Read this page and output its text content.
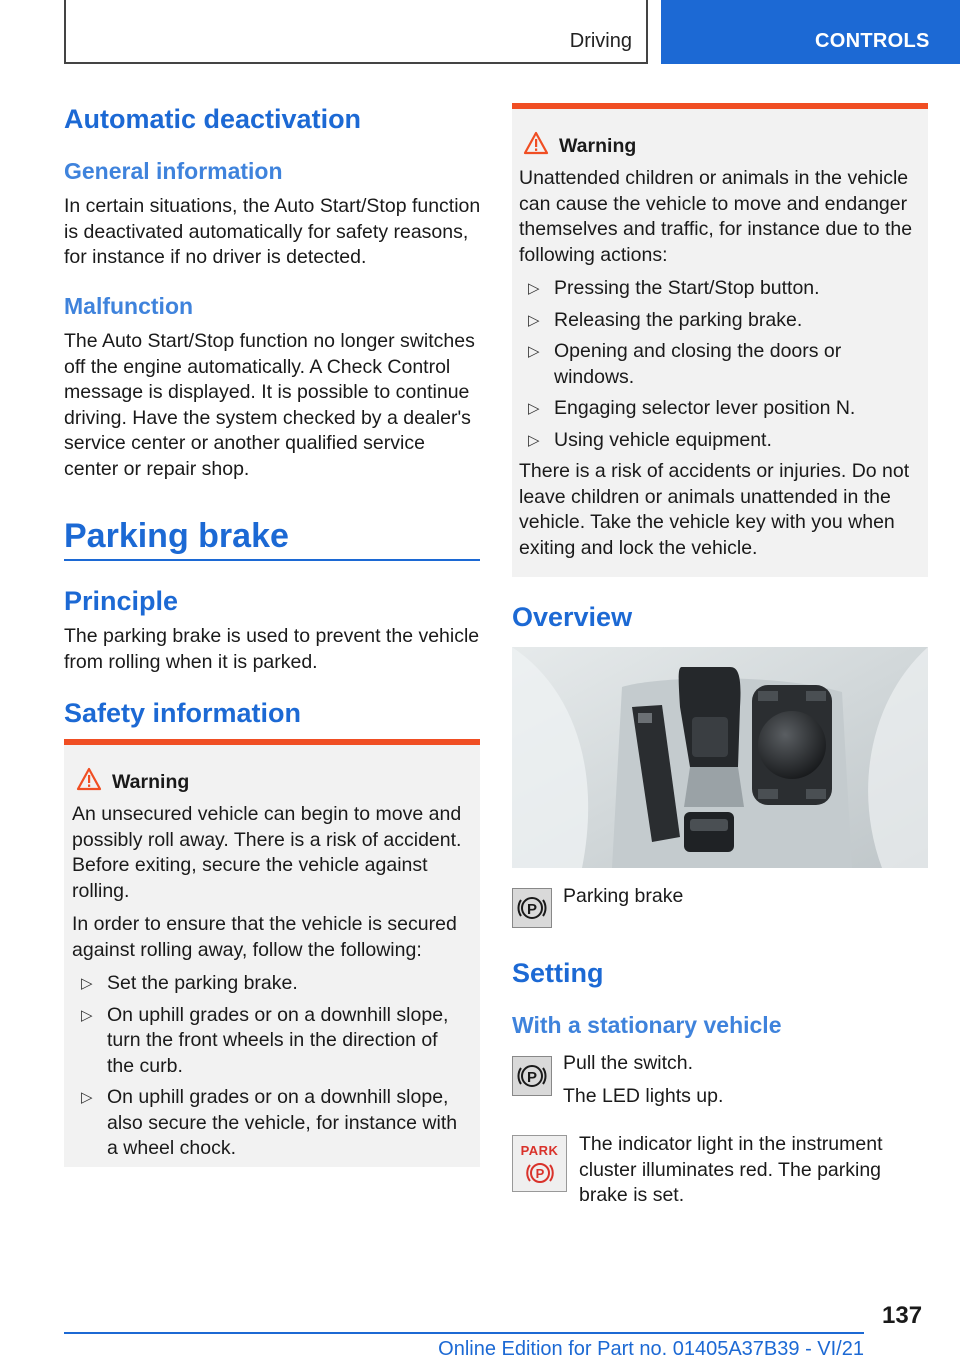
Driving	CONTROLS
Automatic deactivation
General information

In certain situations, the Auto Start/Stop function is deactivated automatically for safety reasons, for instance if no driver is detected.

Malfunction

The Auto Start/Stop function no longer switches off the engine automatically. A Check Control message is displayed. It is possible to continue driving. Have the system checked by a dealer's service center or another qualified service center or repair shop.

Parking brake
Principle

The parking brake is used to prevent the vehicle from rolling when it is parked.

Safety information
Warning

An unsecured vehicle can begin to move and possibly roll away. There is a risk of accident. Before exiting, secure the vehicle against rolling.

In order to ensure that the vehicle is secured against rolling away, follow the following:

▷ Set the parking brake.
▷ On uphill grades or on a downhill slope, turn the front wheels in the direction of the curb.
▷ On uphill grades or on a downhill slope, also secure the vehicle, for instance with a wheel chock.
Warning

Unattended children or animals in the vehicle can cause the vehicle to move and endanger themselves and traffic, for instance due to the following actions:

▷ Pressing the Start/Stop button.
▷ Releasing the parking brake.
▷ Opening and closing the doors or windows.
▷ Engaging selector lever position N.
▷ Using vehicle equipment.

There is a risk of accidents or injuries. Do not leave children or animals unattended in the vehicle. Take the vehicle key with you when exiting and lock the vehicle.

Overview
P
Parking brake
Setting
With a stationary vehicle
P
Pull the switch.
The LED lights up.
PARK
P

The indicator light in the instrument cluster illuminates red. The parking brake is set.

137
Online Edition for Part no. 01405A37B39 - VI/21
